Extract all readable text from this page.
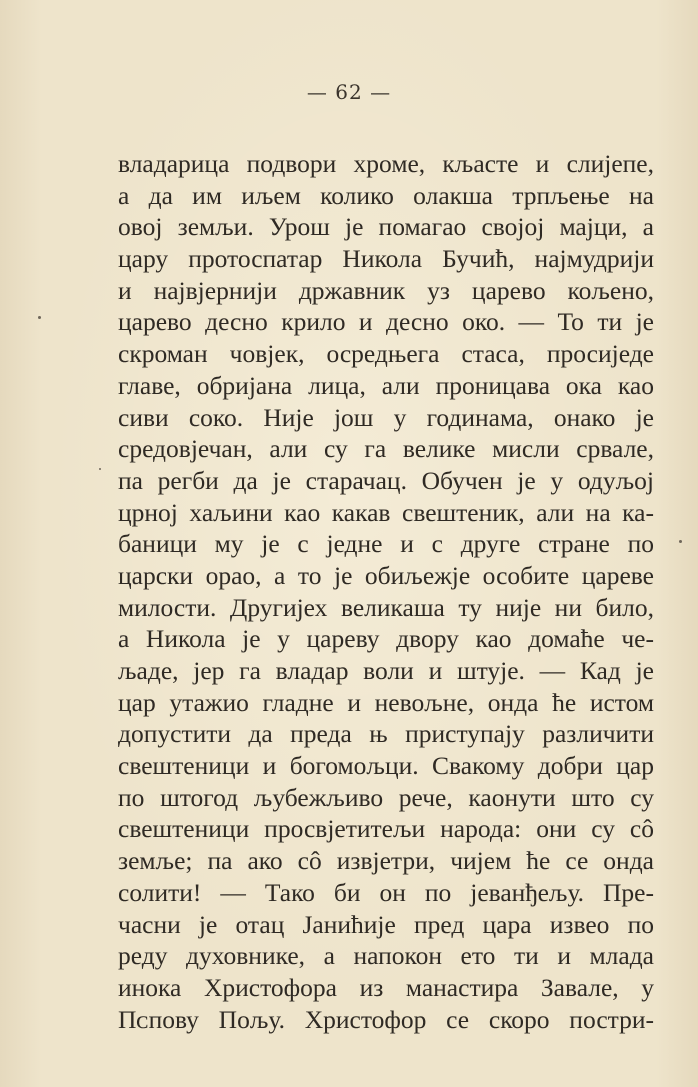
— 62 —
владарица подвори хроме, кљасте и слијепе,
а да им иљем колико олакша трпљење на
овој земљи. Урош је помагао својој мајци, а
цару протоспатар Никола Бучић, најмудрији
и највјернији државник уз царево кољено,
царево десно крило и десно око. — То ти је
скроман човјек, осредњега стаса, просиједе
главе, обријана лица, али проницава ока као
сиви соко. Није још у годинама, онако је
средовјечан, али су га велике мисли срвале,
па регби да је старачац. Обучен је у одуљој
црној хаљини као какав свештеник, али на ка-
баници му је с једне и с друге стране по
царски орао, а то је обиљежје особите цареве
милости. Другијех великаша ту није ни било,
а Никола је у цареву двору као домаће че-
љаде, јер га владар воли и штује. — Кад је
цар утажио гладне и невољне, онда ће истом
допустити да преда њ приступају различити
свештеници и богомољци. Свакому добри цар
по штогод љубежљиво рече, каонути што су
свештеници просвјетитељи народа: они су сô
земље; па ако сô извјетри, чијем ће се онда
солити! — Тако би он по јеванђељу. Пре-
часни је отац Јанићије пред цара извео по
реду духовнике, а напокон ето ти и млада
инока Христофора из манастира Завале, у
Пᴄпову Пољу. Христофор се скоро постри-
